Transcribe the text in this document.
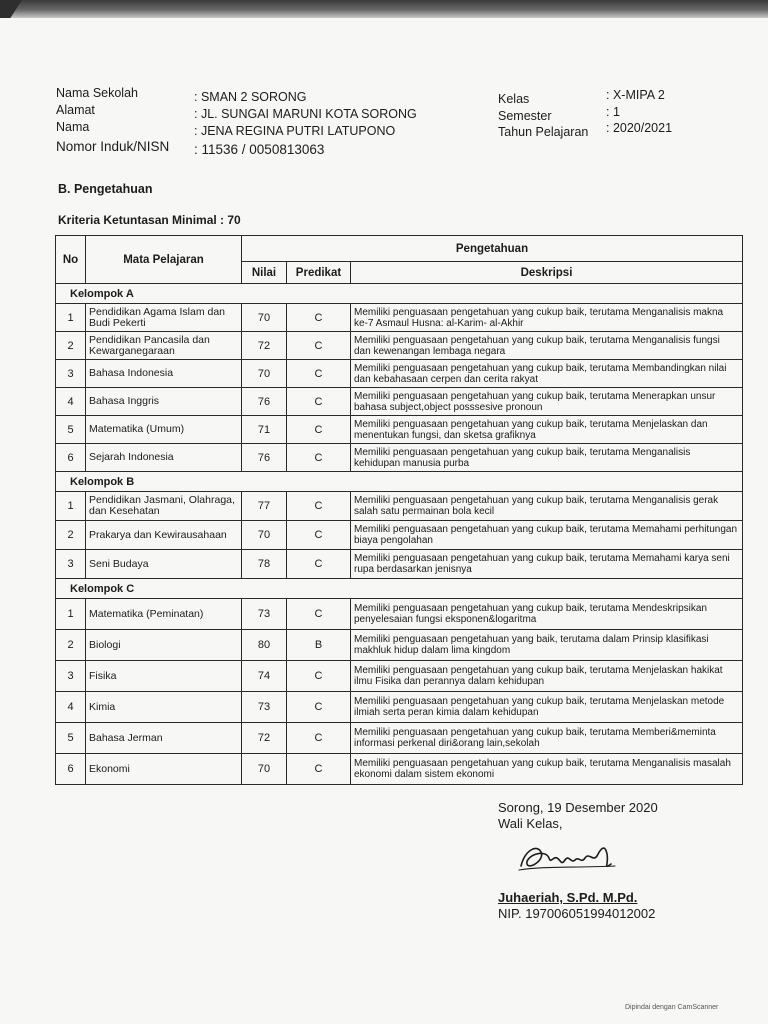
Nama Sekolah	: SMAN 2 SORONG
Alamat	: JL. SUNGAI MARUNI KOTA SORONG
Nama	: JENA REGINA PUTRI LATUPONO
Nomor Induk/NISN : 11536 / 0050813063
Kelas	: X-MIPA 2
Semester	: 1
Tahun Pelajaran : 2020/2021
B. Pengetahuan
Kriteria Ketuntasan Minimal : 70
No	Mata Pelajaran	Pengetahuan		
		Nilai	Predikat	Deskripsi
Kelompok A				
1	Pendidikan Agama Islam dan Budi Pekerti	70	C	Memiliki penguasaan pengetahuan yang cukup baik, terutama Menganalisis makna ke-7 Asmaul Husna: al-Karim- al-Akhir
2	Pendidikan Pancasila dan Kewarganegaraan	72	C	Memiliki penguasaan pengetahuan yang cukup baik, terutama Menganalisis fungsi dan kewenangan lembaga negara
3	Bahasa Indonesia	70	C	Memiliki penguasaan pengetahuan yang cukup baik, terutama Membandingkan nilai dan kebahasaan cerpen dan cerita rakyat
4	Bahasa Inggris	76	C	Memiliki penguasaan pengetahuan yang cukup baik, terutama Menerapkan unsur bahasa subject,object posssesive pronoun
5	Matematika (Umum)	71	C	Memiliki penguasaan pengetahuan yang cukup baik, terutama Menjelaskan dan menentukan fungsi, dan sketsa grafiknya
6	Sejarah Indonesia	76	C	Memiliki penguasaan pengetahuan yang cukup baik, terutama Menganalisis kehidupan manusia purba
Kelompok B				
1	Pendidikan Jasmani, Olahraga, dan Kesehatan	77	C	Memiliki penguasaan pengetahuan yang cukup baik, terutama Menganalisis gerak salah satu permainan bola kecil
2	Prakarya dan Kewirausahaan	70	C	Memiliki penguasaan pengetahuan yang cukup baik, terutama Memahami perhitungan biaya pengolahan
3	Seni Budaya	78	C	Memiliki penguasaan pengetahuan yang cukup baik, terutama Memahami karya seni rupa berdasarkan jenisnya
Kelompok C				
1	Matematika (Peminatan)	73	C	Memiliki penguasaan pengetahuan yang cukup baik, terutama Mendeskripsikan penyelesaian fungsi eksponen&logaritma
2	Biologi	80	B	Memiliki penguasaan pengetahuan yang baik, terutama dalam Prinsip klasifikasi makhluk hidup dalam lima kingdom
3	Fisika	74	C	Memiliki penguasaan pengetahuan yang cukup baik, terutama Menjelaskan hakikat ilmu Fisika dan perannya dalam kehidupan
4	Kimia	73	C	Memiliki penguasaan pengetahuan yang cukup baik, terutama Menjelaskan metode ilmiah serta peran kimia dalam kehidupan
5	Bahasa Jerman	72	C	Memiliki penguasaan pengetahuan yang cukup baik, terutama Memberi&meminta informasi perkenal diri&orang lain,sekolah
6	Ekonomi	70	C	Memiliki penguasaan pengetahuan yang cukup baik, terutama Menganalisis masalah ekonomi dalam sistem ekonomi
Sorong, 19 Desember 2020
Wali Kelas,
Juhaeriah, S.Pd. M.Pd.
NIP. 197006051994012002
Dipindai dengan CamScanner
